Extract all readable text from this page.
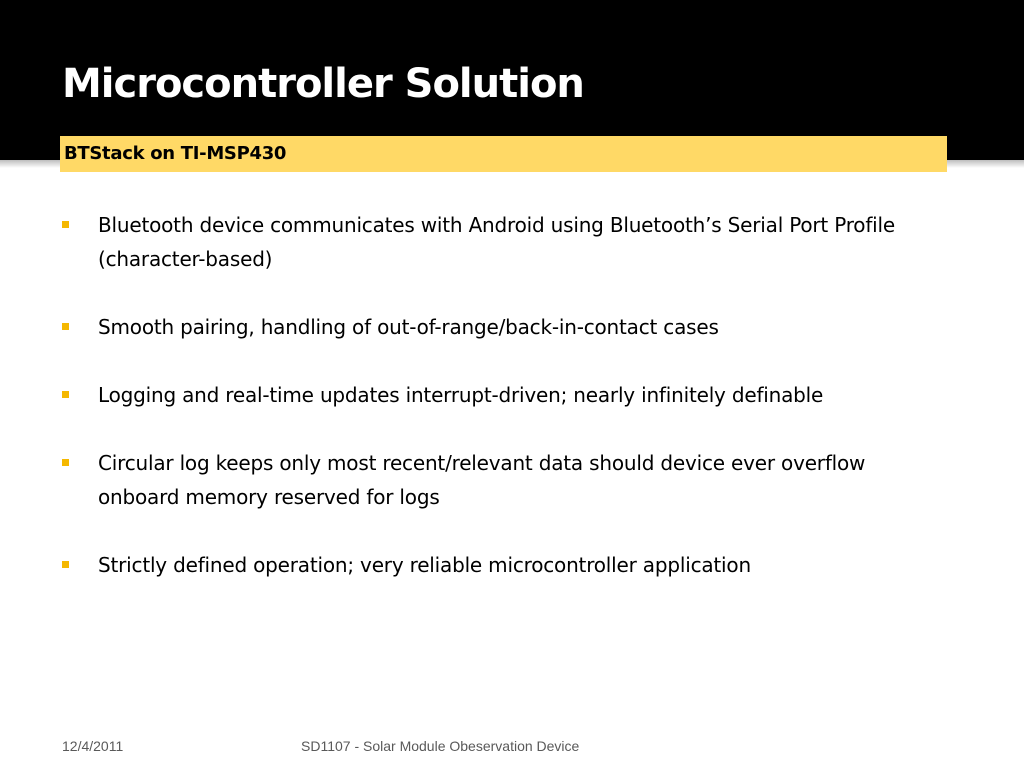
Microcontroller Solution
BTStack on TI-MSP430
Bluetooth device communicates with Android using Bluetooth’s Serial Port Profile (character-based)
Smooth pairing, handling of out-of-range/back-in-contact cases
Logging and real-time updates interrupt-driven; nearly infinitely definable
Circular log keeps only most recent/relevant data should device ever overflow onboard memory reserved for logs
Strictly defined operation; very reliable microcontroller application
12/4/2011	SD1107 - Solar Module Obeservation Device
